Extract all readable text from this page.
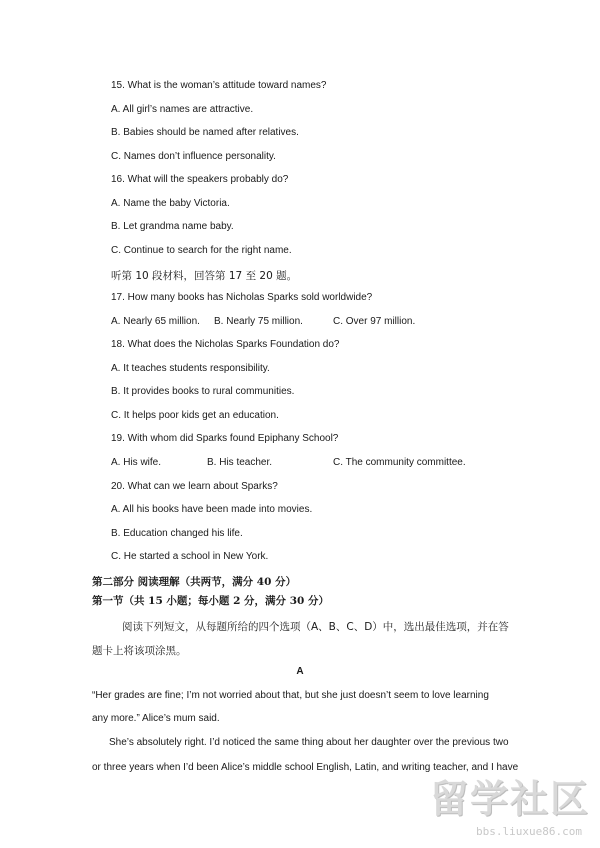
15. What is the woman’s attitude toward names?
A. All girl’s names are attractive.
B. Babies should be named after relatives.
C. Names don’t influence personality.
16. What will the speakers probably do?
A. Name the baby Victoria.
B. Let grandma name baby.
C. Continue to search for the right name.
听第 10 段材料，回答第 17 至 20 题。
17. How many books has Nicholas Sparks sold worldwide?
A. Nearly 65 million. B. Nearly 75 million.	C. Over 97 million.
18. What does the Nicholas Sparks Foundation do?
A. It teaches students responsibility.
B. It provides books to rural communities.
C. It helps poor kids get an education.
19. With whom did Sparks found Epiphany School?
A. His wife.	B. His teacher.	C. The community committee.
20. What can we learn about Sparks?
A. All his books have been made into movies.
B. Education changed his life.
C. He started a school in New York.
第二部分 阅读理解（共两节，满分 40 分）
第一节（共 15 小题；每小题 2 分，满分 30 分）
阅读下列短文，从每题所给的四个选项（A、B、C、D）中，选出最佳选项，并在答
题卡上将该项涂黑。
A
“Her grades are fine; I’m not worried about that, but she just doesn’t seem to love learning
any more.” Alice’s mum said.
She’s absolutely right. I’d noticed the same thing about her daughter over the previous two
or three years when I’d been Alice’s middle school English, Latin, and writing teacher, and I have
留学社区
bbs.liuxue86.com
